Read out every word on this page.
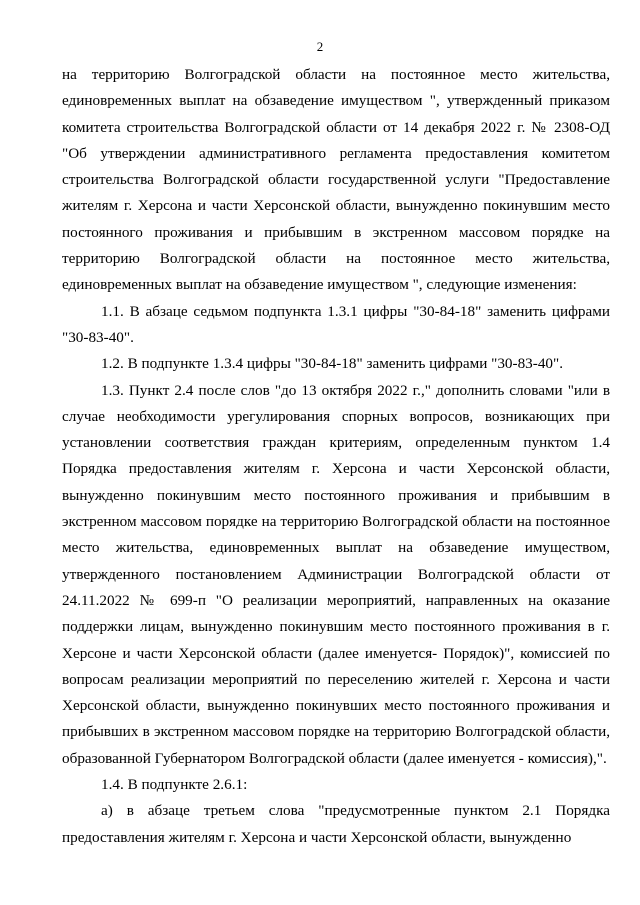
2

на территорию Волгоградской области на постоянное место жительства, единовременных выплат на обзаведение имуществом ", утвержденный приказом комитета строительства Волгоградской области от 14 декабря 2022 г. № 2308-ОД "Об утверждении административного регламента предоставления комитетом строительства Волгоградской области государственной услуги "Предоставление жителям г. Херсона и части Херсонской области, вынужденно покинувшим место постоянного проживания и прибывшим в экстренном массовом порядке на территорию Волгоградской области на постоянное место жительства, единовременных выплат на обзаведение имуществом ", следующие изменения:

1.1. В абзаце седьмом подпункта 1.3.1 цифры "30-84-18" заменить цифрами "30-83-40".

1.2. В подпункте 1.3.4 цифры "30-84-18" заменить цифрами "30-83-40".

1.3. Пункт 2.4 после слов "до 13 октября 2022 г.," дополнить словами "или в случае необходимости урегулирования спорных вопросов, возникающих при установлении соответствия граждан критериям, определенным пунктом 1.4 Порядка предоставления жителям г. Херсона и части Херсонской области, вынужденно покинувшим место постоянного проживания и прибывшим в экстренном массовом порядке на территорию Волгоградской области на постоянное место жительства, единовременных выплат на обзаведение имуществом, утвержденного постановлением Администрации Волгоградской области от 24.11.2022 № 699-п "О реализации мероприятий, направленных на оказание поддержки лицам, вынужденно покинувшим место постоянного проживания в г. Херсоне и части Херсонской области (далее именуется- Порядок)", комиссией по вопросам реализации мероприятий по переселению жителей г. Херсона и части Херсонской области, вынужденно покинувших место постоянного проживания и прибывших в экстренном массовом порядке на территорию Волгоградской области, образованной Губернатором Волгоградской области (далее именуется - комиссия),".

1.4. В подпункте 2.6.1:

а) в абзаце третьем слова "предусмотренные пунктом 2.1 Порядка предоставления жителям г. Херсона и части Херсонской области, вынужденно
